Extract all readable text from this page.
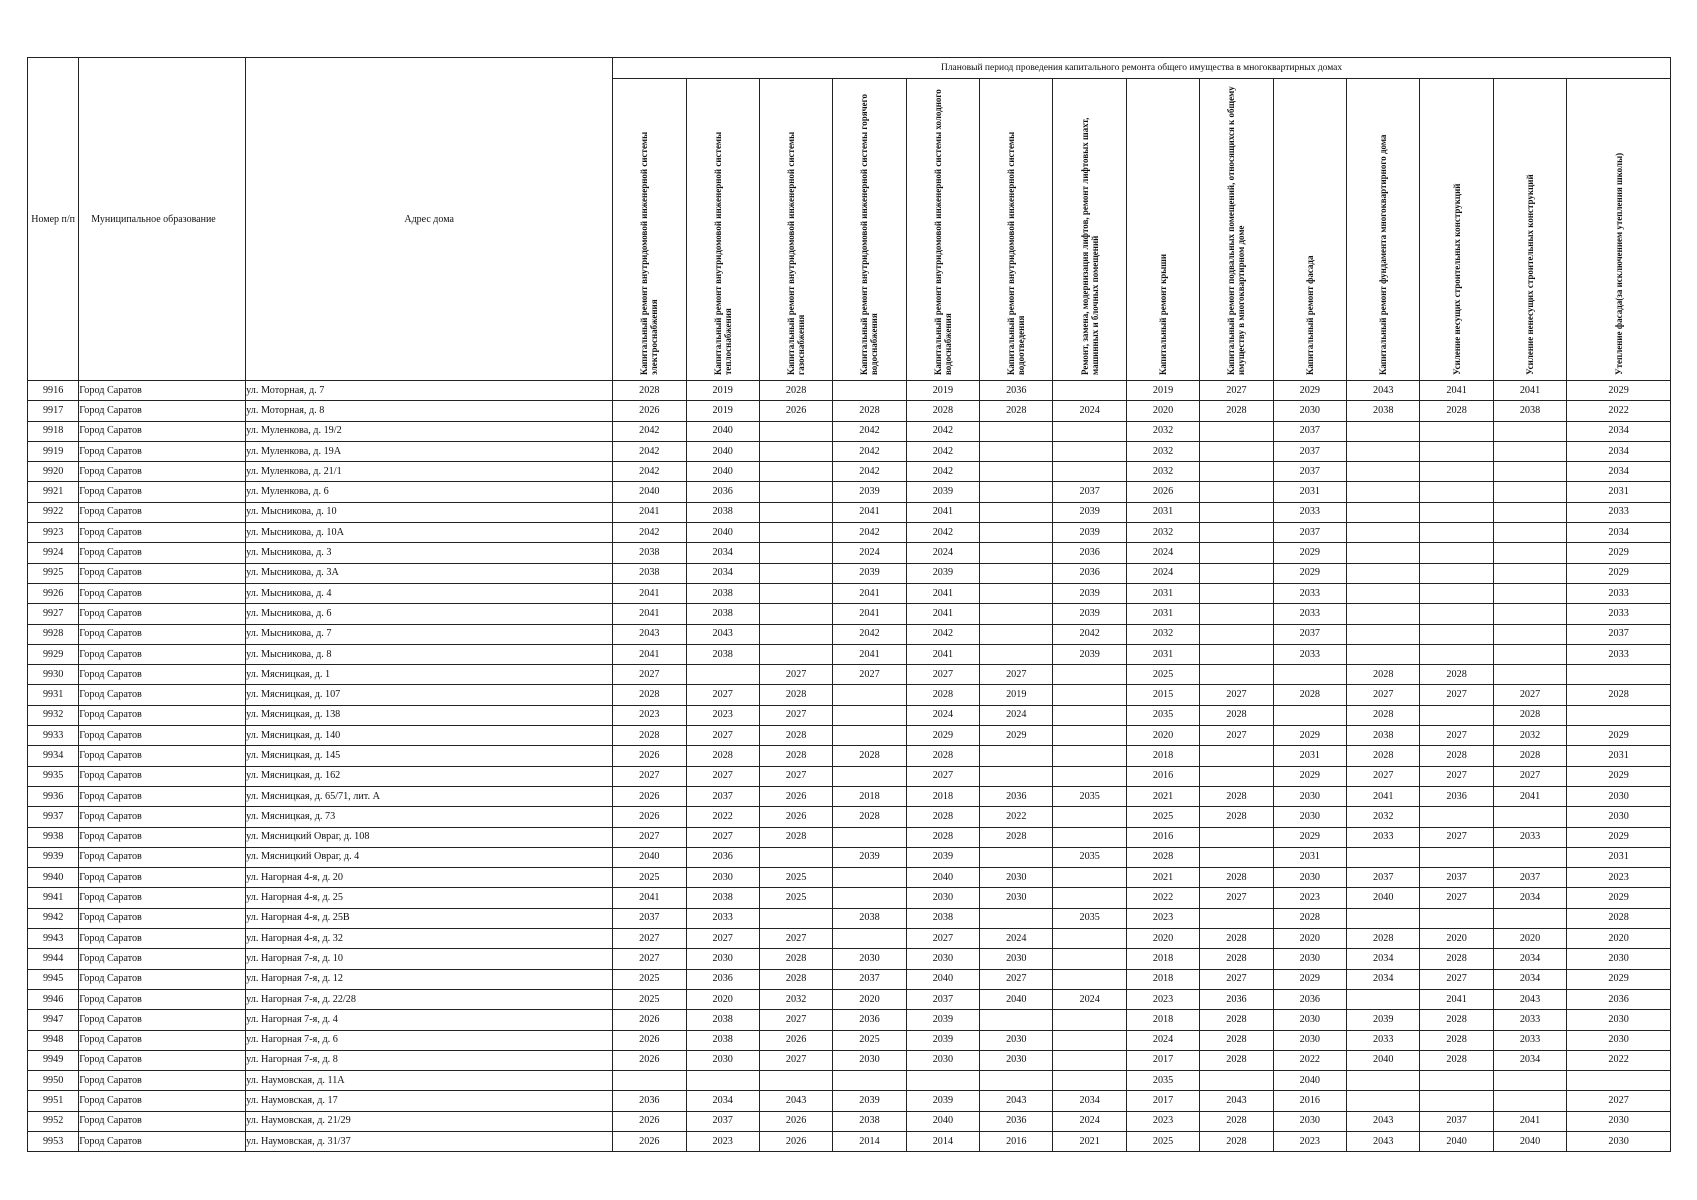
Номер п/п	Муниципальное образование	Адрес дома	Плановый период проведения капитального ремонта общего имущества в многоквартирных домах													

			Капитальный ремонт внутридомовой инженерной системы электроснабжения	Капитальный ремонт внутридомовой инженерной системы теплоснабжения	Капитальный ремонт внутридомовой инженерной системы газоснабжения	Капитальный ремонт внутридомовой инженерной системы горячего водоснабжения	Капитальный ремонт внутридомовой инженерной системы холодного водоснабжения	Капитальный ремонт внутридомовой инженерной системы водоотведения	Ремонт, замена, модернизация лифтов, ремонт лифтовых шахт, машинных и блочных помещений	Капитальный ремонт крыши	Капитальный ремонт подвальных помещений, относящихся к общему имуществу в многоквартирном доме	Капитальный ремонт фасада	Капитальный ремонт фундамента многоквартирного дома	Усиление несущих строительных конструкций	Усиление ненесущих строительных конструкций	Утепление фасада(за исключением утепления школы)

9916	Город Саратов	ул. Моторная, д. 7	2028	2019	2028		2019	2036		2019	2027	2029	2043	2041	2041	2029
9917	Город Саратов	ул. Моторная, д. 8	2026	2019	2026	2028	2028	2028	2024	2020	2028	2030	2038	2028	2038	2022
9918	Город Саратов	ул. Муленкова, д. 19/2	2042	2040		2042	2042			2032		2037				2034
9919	Город Саратов	ул. Муленкова, д. 19А	2042	2040		2042	2042			2032		2037				2034
9920	Город Саратов	ул. Муленкова, д. 21/1	2042	2040		2042	2042			2032		2037				2034
9921	Город Саратов	ул. Муленкова, д. 6	2040	2036		2039	2039		2037	2026		2031				2031
9922	Город Саратов	ул. Мысникова, д. 10	2041	2038		2041	2041		2039	2031		2033				2033
9923	Город Саратов	ул. Мысникова, д. 10А	2042	2040		2042	2042		2039	2032		2037				2034
9924	Город Саратов	ул. Мысникова, д. 3	2038	2034		2024	2024		2036	2024		2029				2029
9925	Город Саратов	ул. Мысникова, д. 3А	2038	2034		2039	2039		2036	2024		2029				2029
9926	Город Саратов	ул. Мысникова, д. 4	2041	2038		2041	2041		2039	2031		2033				2033
9927	Город Саратов	ул. Мысникова, д. 6	2041	2038		2041	2041		2039	2031		2033				2033
9928	Город Саратов	ул. Мысникова, д. 7	2043	2043		2042	2042		2042	2032		2037				2037
9929	Город Саратов	ул. Мысникова, д. 8	2041	2038		2041	2041		2039	2031		2033				2033
9930	Город Саратов	ул. Мясницкая, д. 1	2027		2027	2027	2027	2027		2025			2028	2028		
9931	Город Саратов	ул. Мясницкая, д. 107	2028	2027	2028		2028	2019		2015	2027	2028	2027	2027	2027	2028
9932	Город Саратов	ул. Мясницкая, д. 138	2023	2023	2027		2024	2024		2035	2028		2028		2028	
9933	Город Саратов	ул. Мясницкая, д. 140	2028	2027	2028		2029	2029		2020	2027	2029	2038	2027	2032	2029
9934	Город Саратов	ул. Мясницкая, д. 145	2026	2028	2028	2028	2028			2018		2031	2028	2028	2028	2031
9935	Город Саратов	ул. Мясницкая, д. 162	2027	2027	2027		2027			2016		2029	2027	2027	2027	2029
9936	Город Саратов	ул. Мясницкая, д. 65/71, лит. А	2026	2037	2026	2018	2018	2036	2035	2021	2028	2030	2041	2036	2041	2030
9937	Город Саратов	ул. Мясницкая, д. 73	2026	2022	2026	2028	2028	2022		2025	2028	2030	2032			2030
9938	Город Саратов	ул. Мясницкий Овраг, д. 108	2027	2027	2028		2028	2028		2016		2029	2033	2027	2033	2029
9939	Город Саратов	ул. Мясницкий Овраг, д. 4	2040	2036		2039	2039		2035	2028		2031				2031
9940	Город Саратов	ул. Нагорная 4-я, д. 20	2025	2030	2025		2040	2030		2021	2028	2030	2037	2037	2037	2023
9941	Город Саратов	ул. Нагорная 4-я, д. 25	2041	2038	2025		2030	2030		2022	2027	2023	2040	2027	2034	2029
9942	Город Саратов	ул. Нагорная 4-я, д. 25В	2037	2033		2038	2038		2035	2023		2028				2028
9943	Город Саратов	ул. Нагорная 4-я, д. 32	2027	2027	2027		2027	2024		2020	2028	2020	2028	2020	2020	2020
9944	Город Саратов	ул. Нагорная 7-я, д. 10	2027	2030	2028	2030	2030	2030		2018	2028	2030	2034	2028	2034	2030
9945	Город Саратов	ул. Нагорная 7-я, д. 12	2025	2036	2028	2037	2040	2027		2018	2027	2029	2034	2027	2034	2029
9946	Город Саратов	ул. Нагорная 7-я, д. 22/28	2025	2020	2032	2020	2037	2040	2024	2023	2036	2036		2041	2043	2036
9947	Город Саратов	ул. Нагорная 7-я, д. 4	2026	2038	2027	2036	2039			2018	2028	2030	2039	2028	2033	2030
9948	Город Саратов	ул. Нагорная 7-я, д. 6	2026	2038	2026	2025	2039	2030		2024	2028	2030	2033	2028	2033	2030
9949	Город Саратов	ул. Нагорная 7-я, д. 8	2026	2030	2027	2030	2030	2030		2017	2028	2022	2040	2028	2034	2022
9950	Город Саратов	ул. Наумовская, д. 11А								2035		2040				
9951	Город Саратов	ул. Наумовская, д. 17	2036	2034	2043	2039	2039	2043	2034	2017	2043	2016				2027
9952	Город Саратов	ул. Наумовская, д. 21/29	2026	2037	2026	2038	2040	2036	2024	2023	2028	2030	2043	2037	2041	2030
9953	Город Саратов	ул. Наумовская, д. 31/37	2026	2023	2026	2014	2014	2016	2021	2025	2028	2023	2043	2040	2040	2030
